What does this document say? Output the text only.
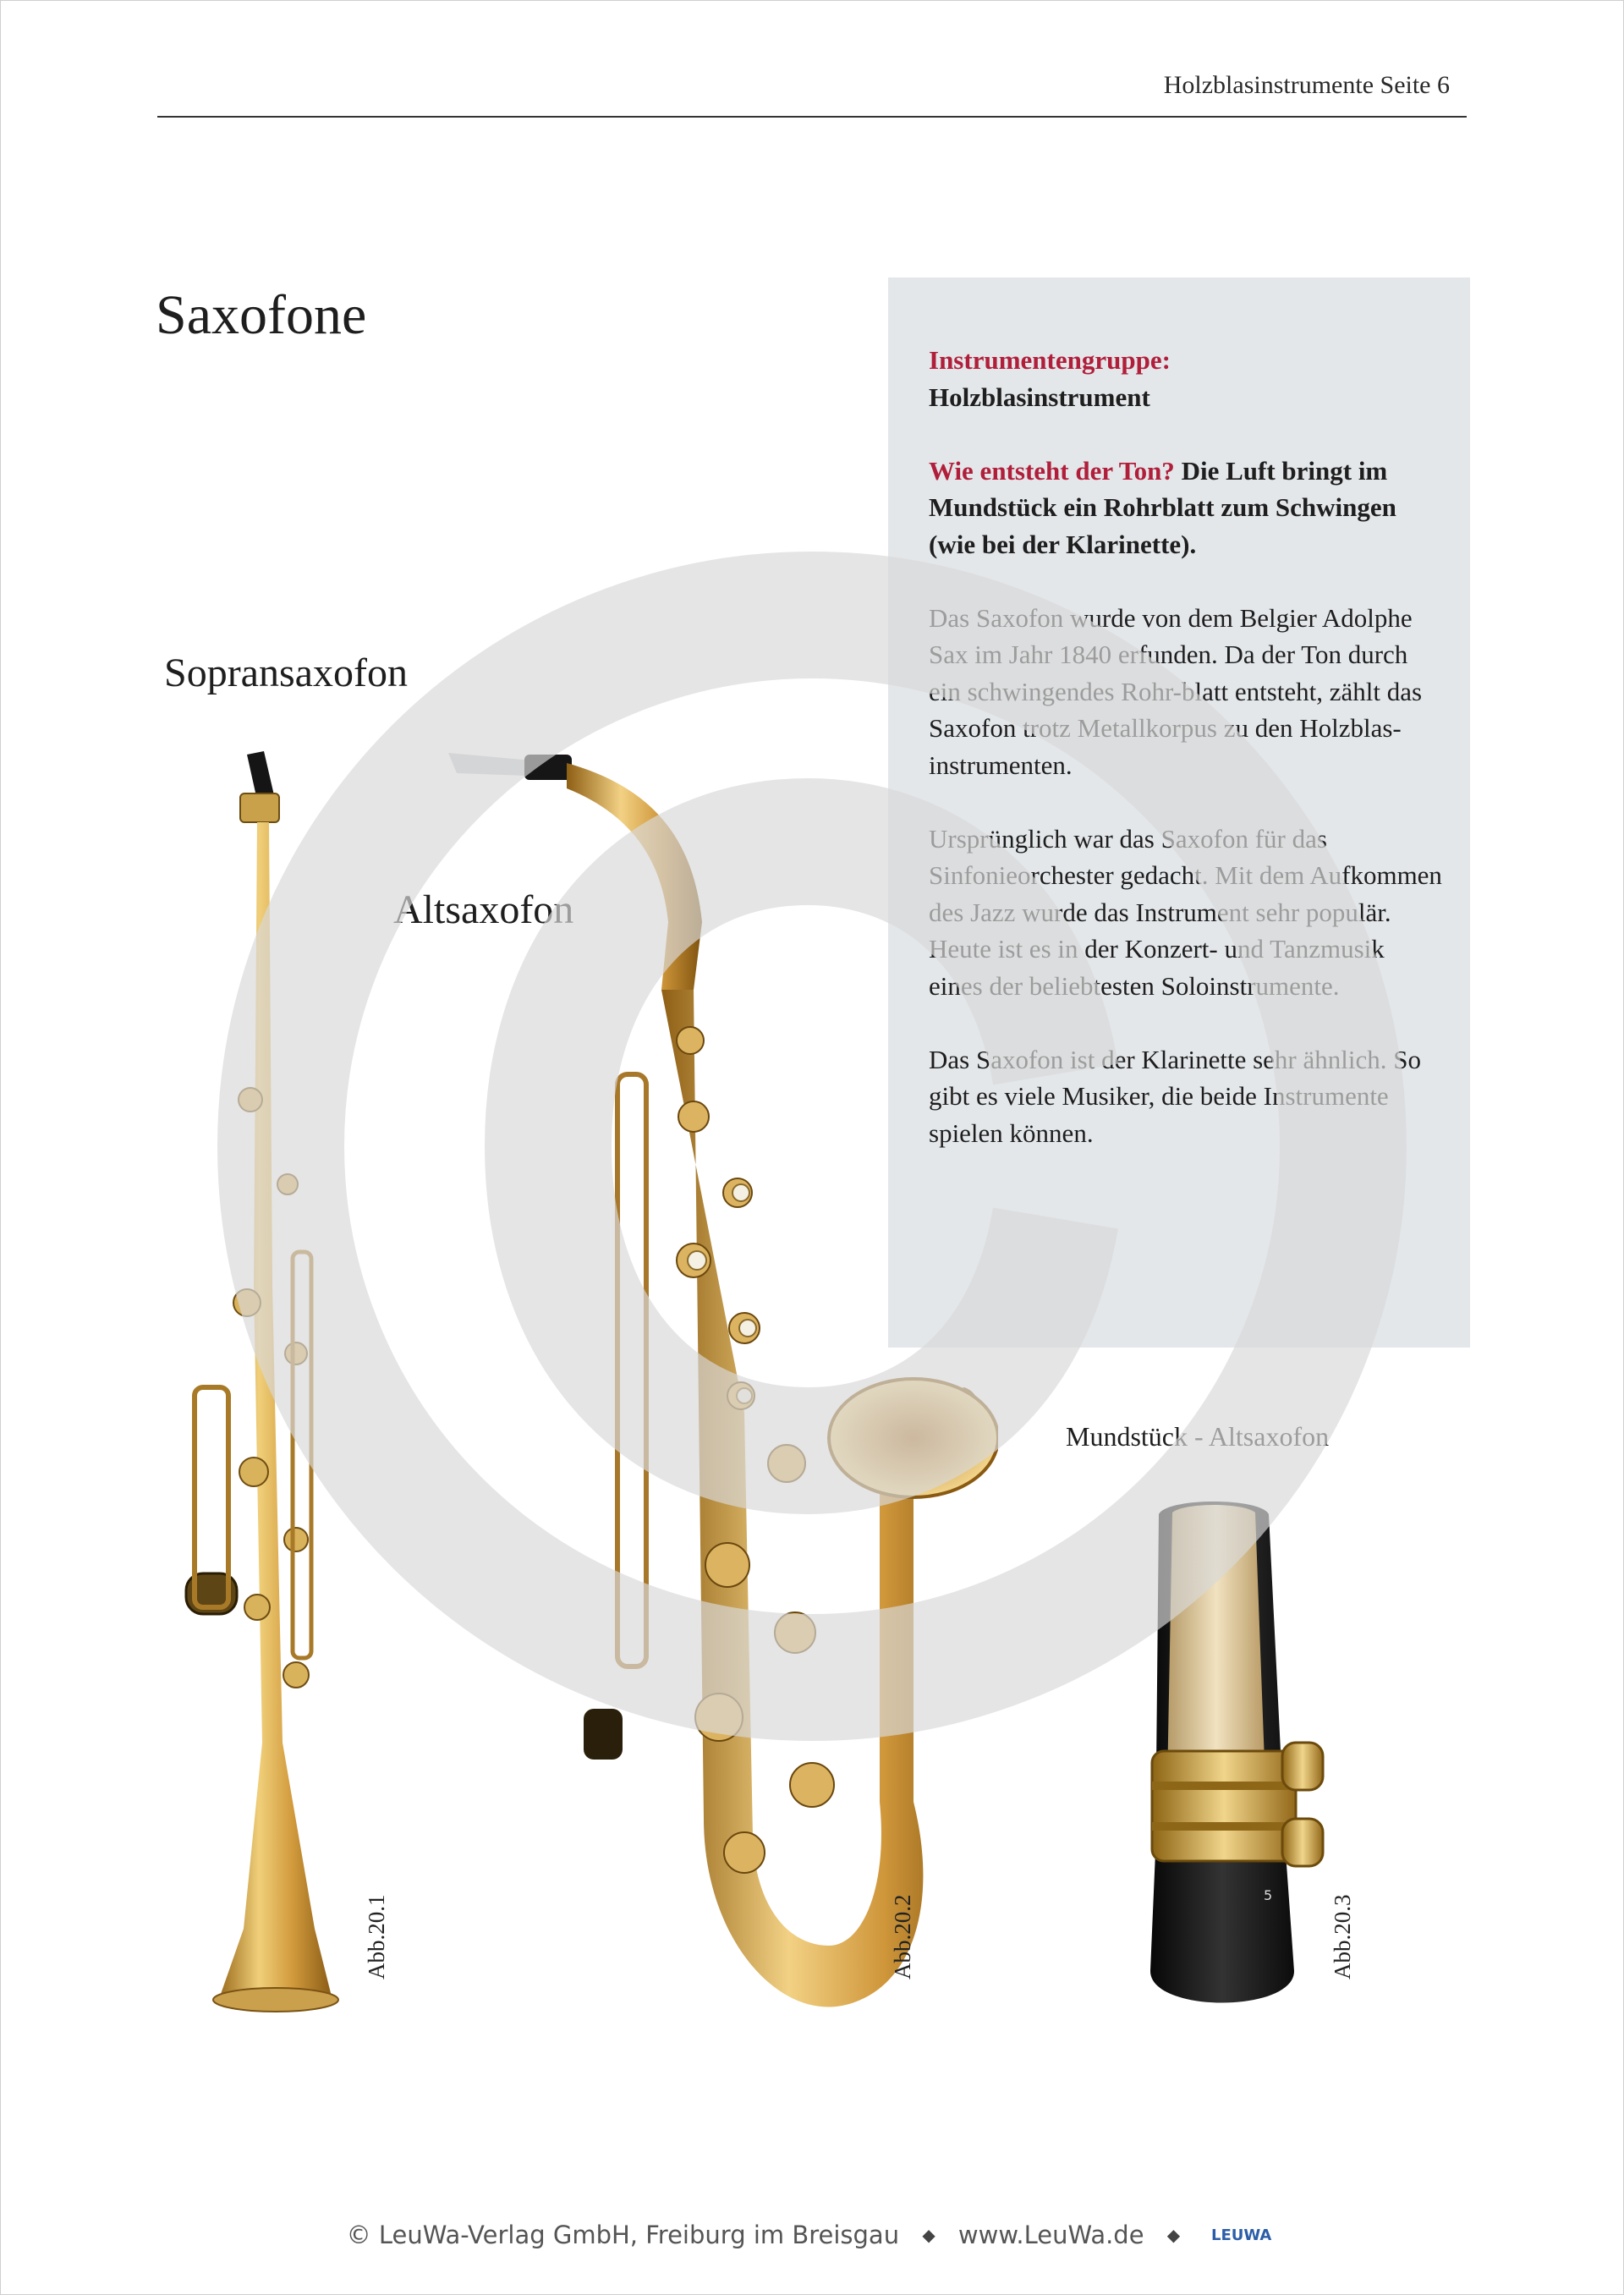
Holzblasinstrumente Seite 6
Saxofone

Instrumentengruppe:
Holzblasinstrument

Wie entsteht der Ton? Die Luft bringt im Mundstück ein Rohrblatt zum Schwingen (wie bei der Klarinette).

Das Saxofon wurde von dem Belgier Adolphe Sax im Jahr 1840 erfunden. Da der Ton durch ein schwingendes Rohr-blatt entsteht, zählt das Saxofon trotz Metallkorpus zu den Holzblas-instrumenten.

Ursprünglich war das Saxofon für das Sinfonieorchester gedacht. Mit dem Aufkommen des Jazz wurde das Instrument sehr populär. Heute ist es in der Konzert- und Tanzmusik eines der beliebtesten Soloinstrumente.

Das Saxofon ist der Klarinette sehr ähnlich. So gibt es viele Musiker, die beide Instrumente spielen können.

Sopransaxofon
Altsaxofon
Mundstück - Altsaxofon
5
Abb.20.1	Abb.20.2	Abb.20.3
© LeuWa-Verlag GmbH, Freiburg im Breisgau ◆ www.LeuWa.de ◆ LEUWA
